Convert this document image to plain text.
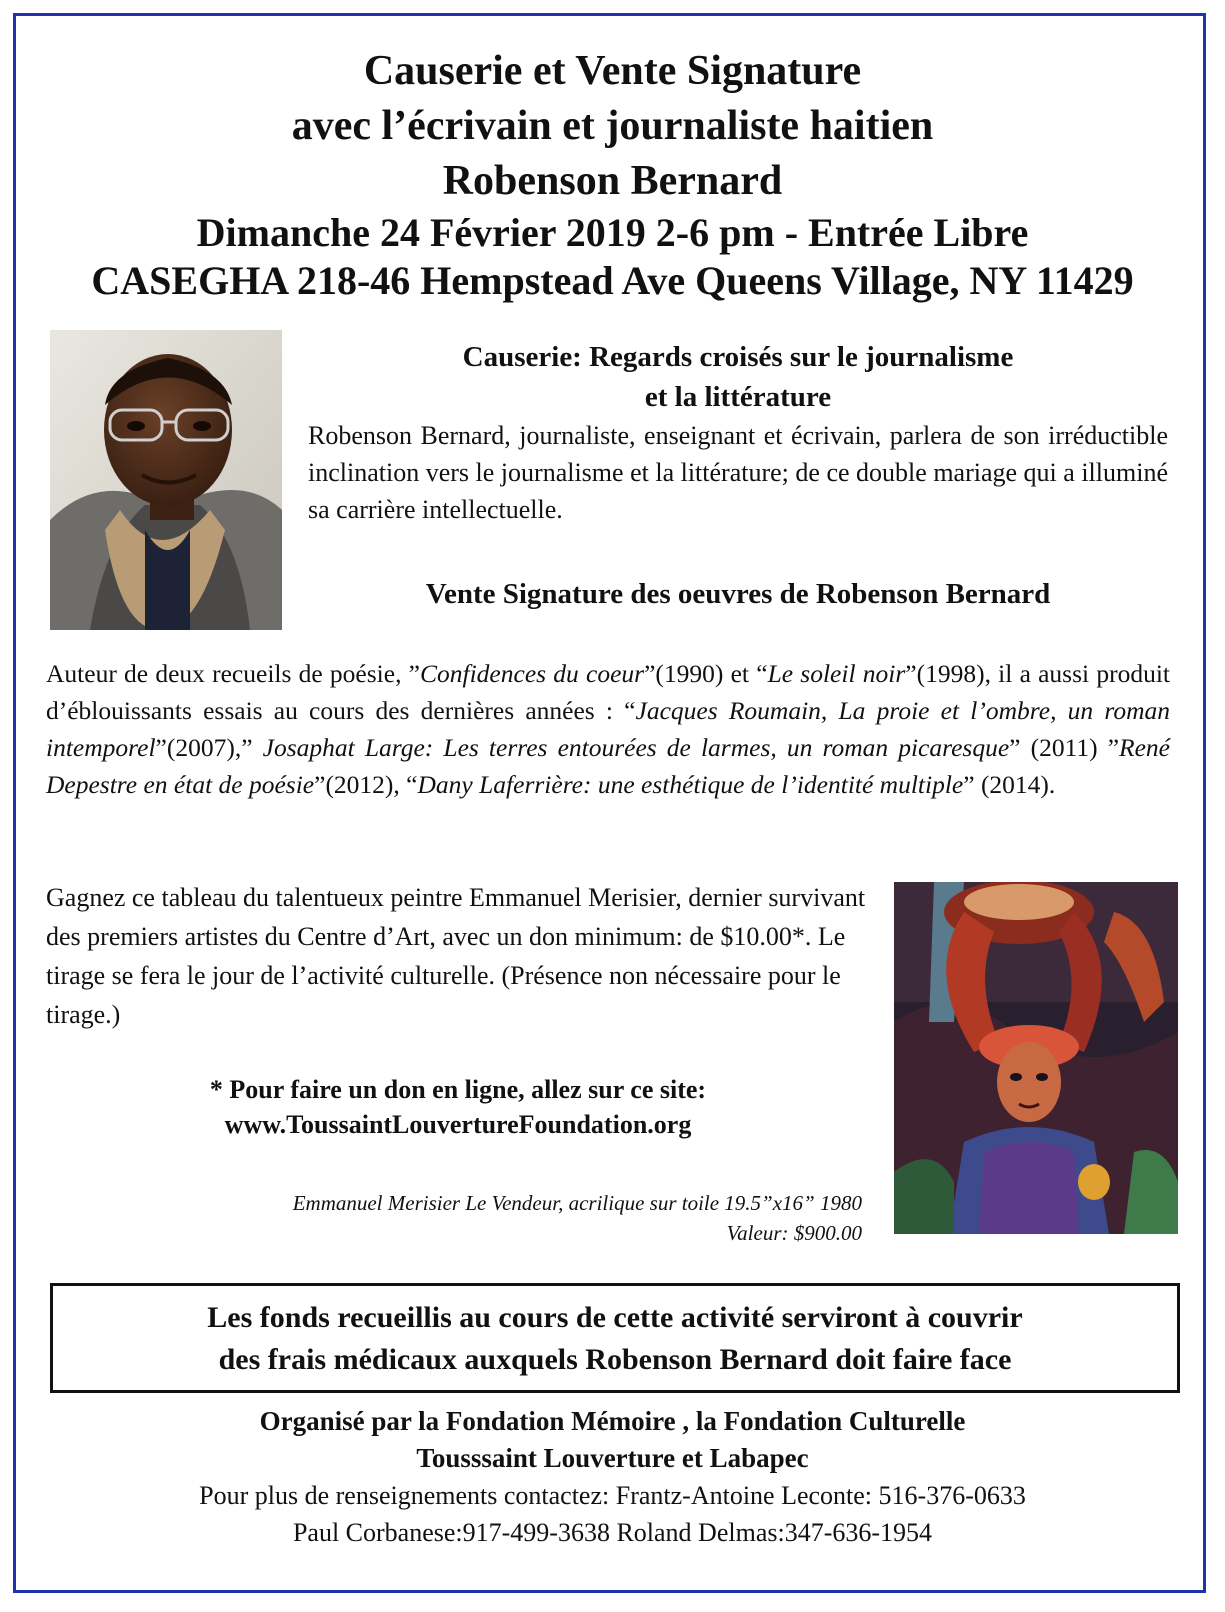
Causerie et Vente Signature
avec l’écrivain et journaliste haitien
Robenson Bernard
Dimanche 24 Février 2019 2-6 pm - Entrée Libre
CASEGHA 218-46 Hempstead Ave Queens Village, NY 11429
Causerie: Regards croisés sur le journalisme
et la littérature
Robenson Bernard, journaliste, enseignant et écrivain, parlera de son irréductible inclination vers le journalisme et la littérature; de ce double mariage qui a illuminé sa carrière intellectuelle.
Vente Signature des oeuvres de Robenson Bernard
Auteur de deux recueils de poésie, ”Confidences du coeur”(1990) et “Le soleil noir”(1998), il a aussi produit d’éblouissants essais au cours des dernières années : “Jacques Roumain, La proie et l’ombre, un roman intemporel”(2007),” Josaphat Large: Les terres entourées de larmes, un roman picaresque” (2011) ”René Depestre en état de poésie”(2012), “Dany Laferrière: une esthétique de l’identité multiple” (2014).
Gagnez ce tableau du talentueux peintre Emmanuel Merisier, dernier survivant des premiers artistes du Centre d’Art, avec un don minimum: de $10.00*. Le tirage se fera le jour de l’activité culturelle. (Présence non nécessaire pour le tirage.)
* Pour faire un don en ligne, allez sur ce site:
www.ToussaintLouvertureFoundation.org
Emmanuel Merisier Le Vendeur, acrilique sur toile 19.5”x16” 1980
Valeur: $900.00
Les fonds recueillis au cours de cette activité serviront à couvrir
des frais médicaux auxquels Robenson Bernard doit faire face
Organisé par la Fondation Mémoire , la Fondation Culturelle
Tousssaint Louverture et Labapec
Pour plus de renseignements contactez: Frantz-Antoine Leconte: 516-376-0633
Paul Corbanese:917-499-3638 Roland Delmas:347-636-1954
